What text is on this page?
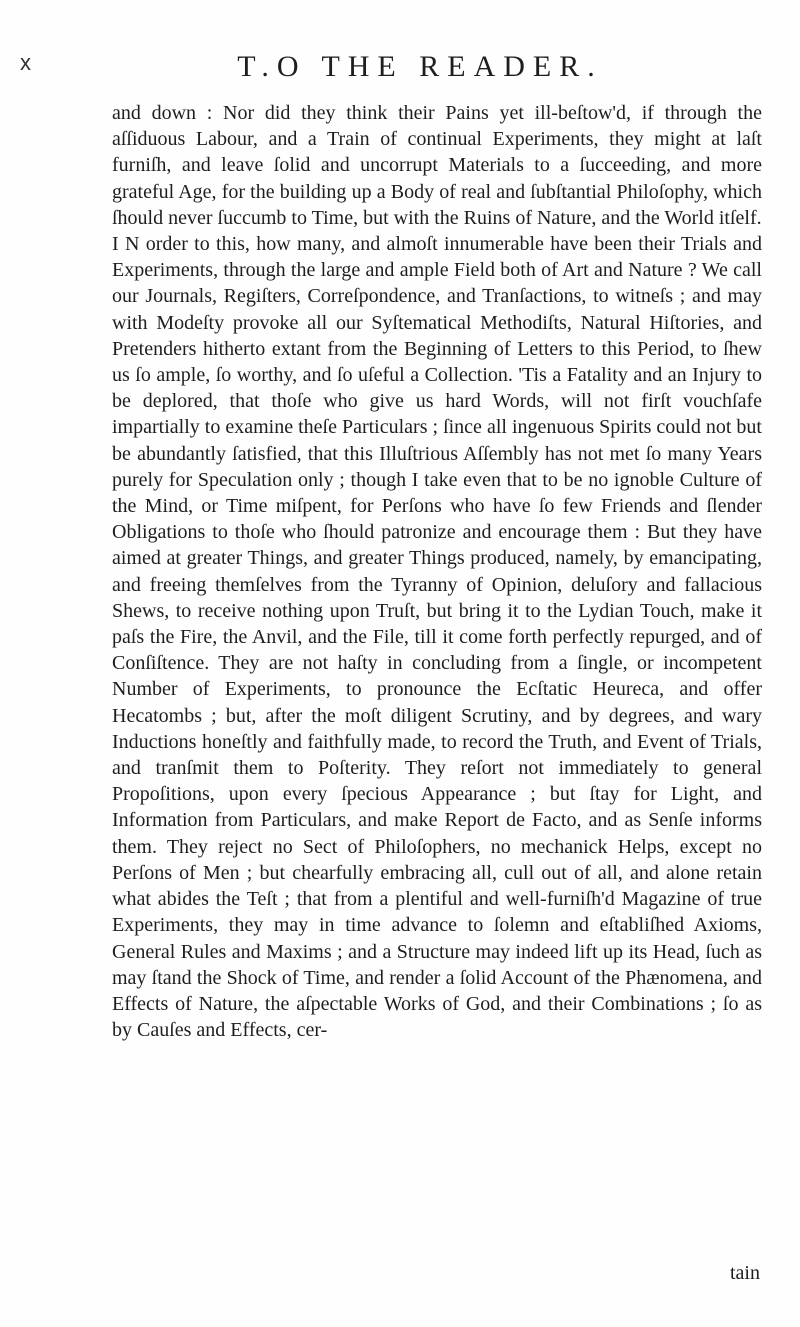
x	T.O THE READER.

and down : Nor did they think their Pains yet ill-beſtow'd, if through the aſſiduous Labour, and a Train of continual Experiments, they might at laſt furniſh, and leave ſolid and uncorrupt Materials to a ſucceeding, and more grateful Age, for the building up a Body of real and ſubſtantial Philoſophy, which ſhould never ſuccumb to Time, but with the Ruins of Nature, and the World itſelf.

I N order to this, how many, and almoſt innumerable have been their Trials and Experiments, through the large and ample Field both of Art and Nature ? We call our Journals, Regiſters, Correſpondence, and Tranſactions, to witneſs ; and may with Modeſty provoke all our Syſtematical Methodiſts, Natural Hiſtories, and Pretenders hitherto extant from the Beginning of Letters to this Period, to ſhew us ſo ample, ſo worthy, and ſo uſeful a Collection. 'Tis a Fatality and an Injury to be deplored, that thoſe who give us hard Words, will not firſt vouchſafe impartially to examine theſe Particulars ; ſince all ingenuous Spirits could not but be abundantly ſatisfied, that this Illuſtrious Aſſembly has not met ſo many Years purely for Speculation only ; though I take even that to be no ignoble Culture of the Mind, or Time miſpent, for Perſons who have ſo few Friends and ſlender Obligations to thoſe who ſhould patronize and encourage them : But they have aimed at greater Things, and greater Things produced, namely, by emancipating, and freeing themſelves from the Tyranny of Opinion, deluſory and fallacious Shews, to receive nothing upon Truſt, but bring it to the Lydian Touch, make it paſs the Fire, the Anvil, and the File, till it come forth perfectly repurged, and of Conſiſtence. They are not haſty in concluding from a ſingle, or incompetent Number of Experiments, to pronounce the Ecſtatic Heureca, and offer Hecatombs ; but, after the moſt diligent Scrutiny, and by degrees, and wary Inductions honeſtly and faithfully made, to record the Truth, and Event of Trials, and tranſmit them to Poſterity. They reſort not immediately to general Propoſitions, upon every ſpecious Appearance ; but ſtay for Light, and Information from Particulars, and make Report de Facto, and as Senſe informs them. They reject no Sect of Philoſophers, no mechanick Helps, except no Perſons of Men ; but chearfully embracing all, cull out of all, and alone retain what abides the Teſt ; that from a plentiful and well-furniſh'd Magazine of true Experiments, they may in time advance to ſolemn and eſtabliſhed Axioms, General Rules and Maxims ; and a Structure may indeed lift up its Head, ſuch as may ſtand the Shock of Time, and render a ſolid Account of the Phænomena, and Effects of Nature, the aſpectable Works of God, and their Combinations ; ſo as by Cauſes and Effects, cer-

tain
